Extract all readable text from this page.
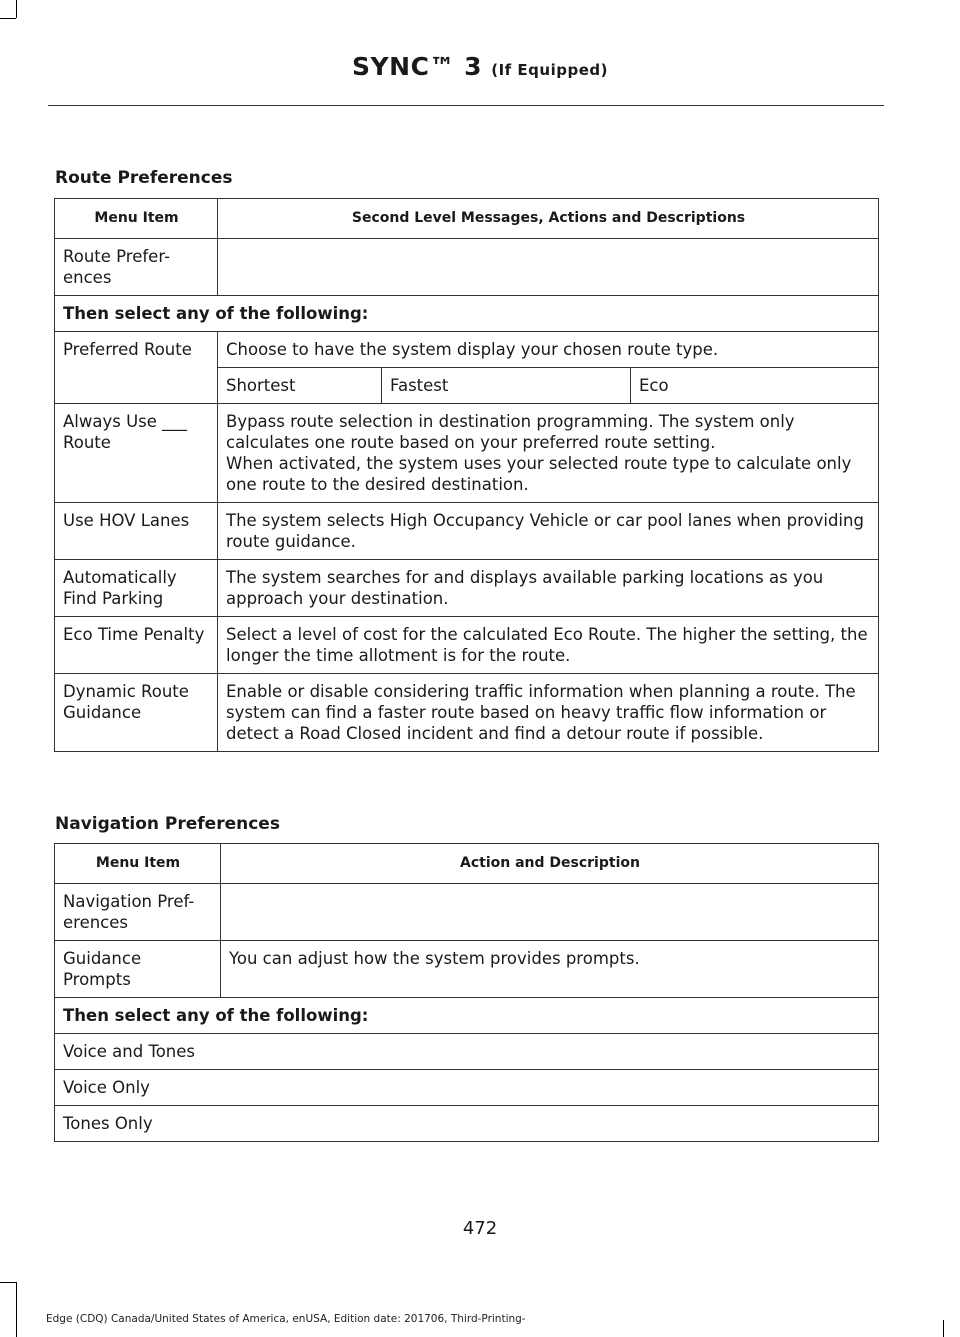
SYNC™ 3 (If Equipped)
Route Preferences
Menu Item	Second Level Messages, Actions and Descriptions		
Route Prefer-ences			
Then select any of the following:			
Preferred Route	Choose to have the system display your chosen route type.		
	Shortest	Fastest	Eco
Always Use ___ Route	Bypass route selection in destination programming. The system only calculates one route based on your preferred route setting.
When activated, the system uses your selected route type to calculate only one route to the desired destination.		

Use HOV Lanes	The system selects High Occupancy Vehicle or car pool lanes when providing route guidance.		
Automatically Find Parking	The system searches for and displays available parking locations as you approach your destination.		
Eco Time Penalty	Select a level of cost for the calculated Eco Route. The higher the setting, the longer the time allotment is for the route.		
Dynamic Route Guidance	Enable or disable considering traffic information when planning a route. The system can find a faster route based on heavy traffic flow information or detect a Road Closed incident and find a detour route if possible.		
Navigation Preferences
Menu Item	Action and Description
Navigation Pref-erences	
Guidance Prompts	You can adjust how the system provides prompts.
Then select any of the following:	
Voice and Tones	
Voice Only	
Tones Only	
472
Edge (CDQ) Canada/United States of America, enUSA, Edition date: 201706, Third-Printing-
